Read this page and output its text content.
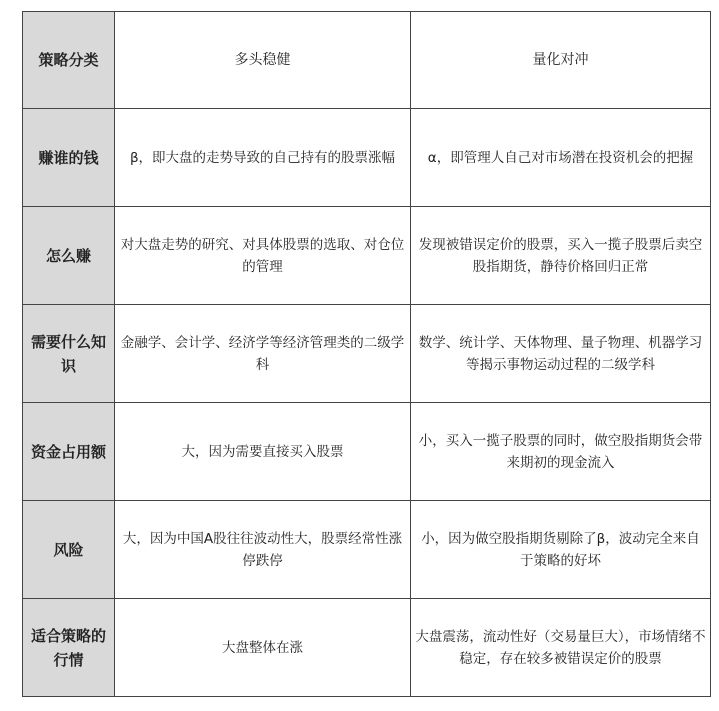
策略分类	多头稳健	量化对冲
赚谁的钱	β，即大盘的走势导致的自己持有的股票涨幅	α，即管理人自己对市场潜在投资机会的把握
怎么赚	对大盘走势的研究、对具体股票的选取、对仓位的管理	发现被错误定价的股票，买入一揽子股票后卖空股指期货，静待价格回归正常
需要什么知识	金融学、会计学、经济学等经济管理类的二级学科	数学、统计学、天体物理、量子物理、机器学习等揭示事物运动过程的二级学科
资金占用额	大，因为需要直接买入股票	小，买入一揽子股票的同时，做空股指期货会带来期初的现金流入
风险	大，因为中国A股往往波动性大，股票经常性涨停跌停	小，因为做空股指期货剔除了β，波动完全来自于策略的好坏
适合策略的行情	大盘整体在涨	大盘震荡，流动性好（交易量巨大），市场情绪不稳定，存在较多被错误定价的股票
